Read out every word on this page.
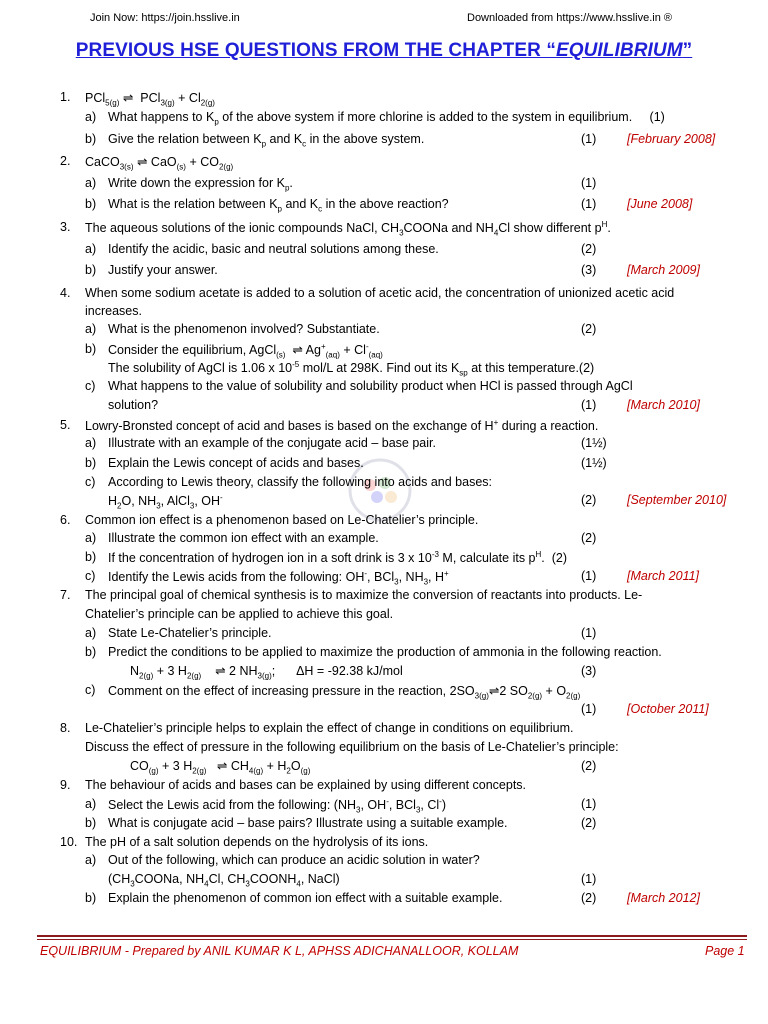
Join Now: https://join.hsslive.in	Downloaded from https://www.hsslive.in ®
PREVIOUS HSE QUESTIONS FROM THE CHAPTER “EQUILIBRIUM”
1. PCl$_{5(g)}$ ⇌  $PCl_{3(g)} + Cl_{2(g)}$
a) What happens to $K_p$ of the above system if more chlorine is added to the system in equilibrium.     (1)
b) Give the relation between $K_p$ and $K_c$ in the above system.	(1) [February 2008]
2. CaCO$_{3(s)}$ ⇌ $CaO_{(s)} + CO_{2(g)}$
a) Write down the expression for $K_p$.	(1)
b) What is the relation between $K_p$ and $K_c$ in the above reaction?	(1) [June 2008]
3. The aqueous solutions of the ionic compounds NaCl, $CH_3COONa$ and $NH_4Cl$ show different $p^H$.
a) Identify the acidic, basic and neutral solutions among these.	(2)
b) Justify your answer.	(3) [March 2009]
4. When some sodium acetate is added to a solution of acetic acid, the concentration of unionized acetic acid
increases.
a) What is the phenomenon involved? Substantiate.	(2)
b) Consider the equilibrium, AgCl$_{(s)}$  ⇌ $Ag^+_{(aq)} + Cl^-_{(aq)}$
The solubility of AgCl is 1.06 x $10^{-5}$ mol/L at 298K. Find out its $K_{sp}$ at this temperature.(2)
c) What happens to the value of solubility and solubility product when HCl is passed through AgCl
solution?	(1) [March 2010]
5. Lowry-Bronsted concept of acid and bases is based on the exchange of H+ during a reaction.
a) Illustrate with an example of the conjugate acid – base pair.	(1½)
b) Explain the Lewis concept of acids and bases.	(1½)
c) According to Lewis theory, classify the following into acids and bases:
$H_2O$, $NH_3$, AlCl$_3$, OH-	(2) [September 2010]
6. Common ion effect is a phenomenon based on Le-Chatelier’s principle.
a) Illustrate the common ion effect with an example.	(2)
b) If the concentration of hydrogen ion in a soft drink is 3 x $10^{-3}$ M, calculate its $p^H$.  (2)
c) Identify the Lewis acids from the following: OH-, BCl$_3$, $NH_3$, H+	(1) [March 2011]
7. The principal goal of chemical synthesis is to maximize the conversion of reactants into products. Le-
Chatelier’s principle can be applied to achieve this goal.
a) State Le-Chatelier’s principle.	(1)
b) Predict the conditions to be applied to maximize the production of ammonia in the following reaction.
$N_{2(g)} + 3$ $H_{2(g)}$    ⇌ 2 $NH_{3(g)}$;      ΔH = -92.38 kJ/mol	(3)
c) Comment on the effect of increasing pressure in the reaction, $2SO_{3(g)}\rightleftharpoons 2$ $SO_{2(g)} + O_{2(g)}$
(1) [October 2011]
8. Le-Chatelier’s principle helps to explain the effect of change in conditions on equilibrium.
Discuss the effect of pressure in the following equilibrium on the basis of Le-Chatelier’s principle:
$CO_{(g)} + 3$ $H_{2(g)}$   ⇌ $CH_{4(g)} + H_2O_{(g)}$	(2)
9. The behaviour of acids and bases can be explained by using different concepts.
a) Select the Lewis acid from the following: ($NH_3$, OH-, BCl$_3$, Cl-)	(1)
b) What is conjugate acid – base pairs? Illustrate using a suitable example.	(2)
10. The pH of a salt solution depends on the hydrolysis of its ions.
a) Out of the following, which can produce an acidic solution in water?
($CH_3COONa$, $NH_4Cl$, $CH_3COONH_4$, NaCl)	(1)
b) Explain the phenomenon of common ion effect with a suitable example.	(2) [March 2012]
EQUILIBRIUM - Prepared by ANIL KUMAR K L, APHSS ADICHANALLOOR, KOLLAM	Page 1
